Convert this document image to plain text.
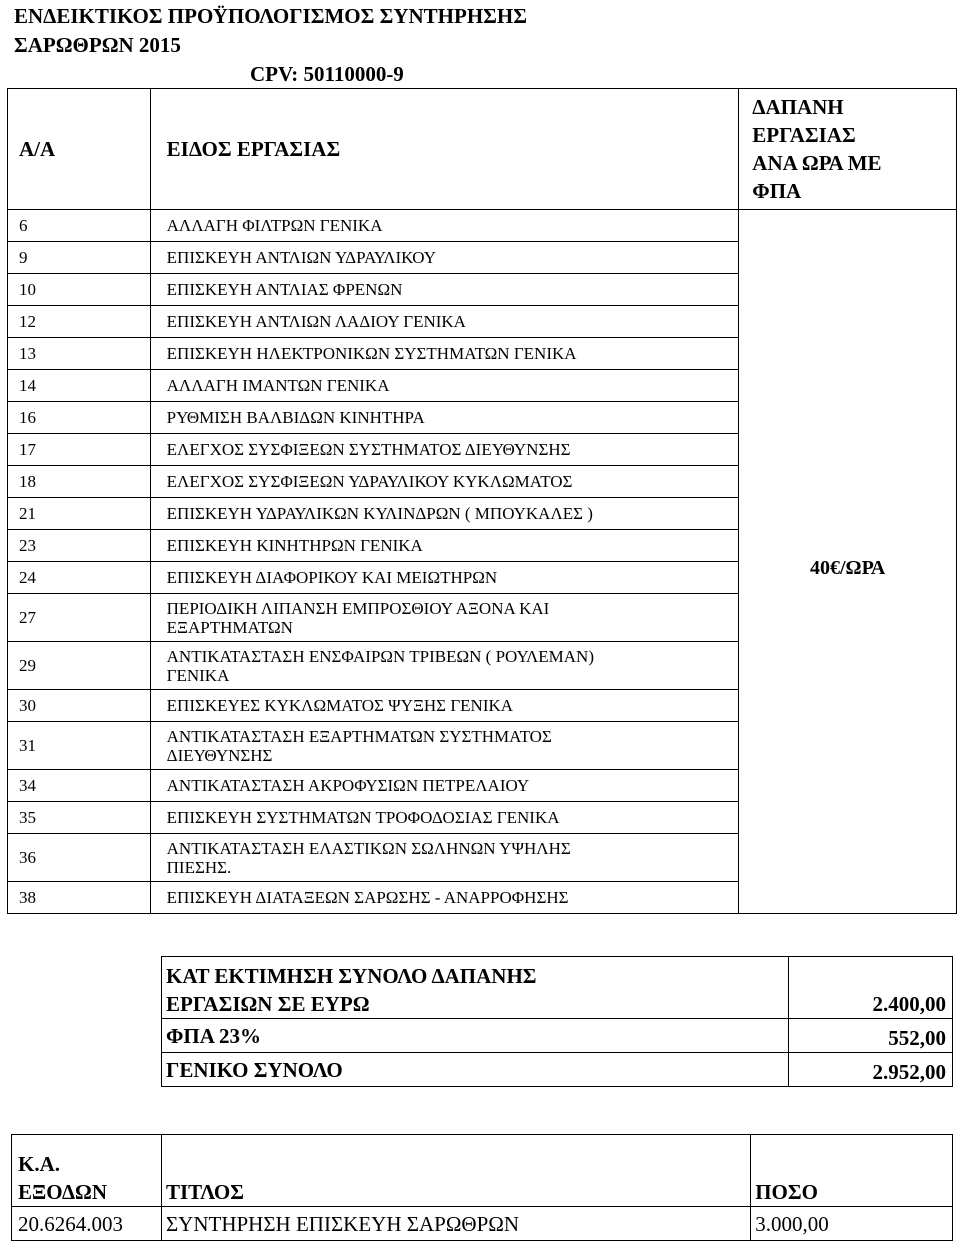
ΕΝΔΕΙΚΤΙΚΟΣ ΠΡΟΫΠΟΛΟΓΙΣΜΟΣ ΣΥΝΤΗΡΗΣΗΣ
ΣΑΡΩΘΡΩΝ 2015
CPV: 50110000-9
Α/Α	ΕΙΔΟΣ ΕΡΓΑΣΙΑΣ	ΔΑΠΑΝΗ
ΕΡΓΑΣΙΑΣ
ΑΝΑ ΩΡΑ ΜΕ
ΦΠΑ

6	ΑΛΛΑΓΗ ΦΙΛΤΡΩΝ ΓΕΝΙΚΑ	40€/ΩΡΑ
9	ΕΠΙΣΚΕΥΗ ΑΝΤΛΙΩΝ ΥΔΡΑΥΛΙΚΟΥ	
10	ΕΠΙΣΚΕΥΗ ΑΝΤΛΙΑΣ ΦΡΕΝΩΝ	
12	ΕΠΙΣΚΕΥΗ ΑΝΤΛΙΩΝ ΛΑΔΙΟΥ ΓΕΝΙΚΑ	
13	ΕΠΙΣΚΕΥΗ ΗΛΕΚΤΡΟΝΙΚΩΝ ΣΥΣΤΗΜΑΤΩΝ ΓΕΝΙΚΑ	
14	ΑΛΛΑΓΗ ΙΜΑΝΤΩΝ ΓΕΝΙΚΑ	
16	ΡΥΘΜΙΣΗ ΒΑΛΒΙΔΩΝ ΚΙΝΗΤΗΡΑ	
17	ΕΛΕΓΧΟΣ ΣΥΣΦΙΞΕΩΝ ΣΥΣΤΗΜΑΤΟΣ ΔΙΕΥΘΥΝΣΗΣ	
18	ΕΛΕΓΧΟΣ ΣΥΣΦΙΞΕΩΝ ΥΔΡΑΥΛΙΚΟΥ ΚΥΚΛΩΜΑΤΟΣ	
21	ΕΠΙΣΚΕΥΗ ΥΔΡΑΥΛΙΚΩΝ ΚΥΛΙΝΔΡΩΝ ( ΜΠΟΥΚΑΛΕΣ )	
23	ΕΠΙΣΚΕΥΗ ΚΙΝΗΤΗΡΩΝ ΓΕΝΙΚΑ	
24	ΕΠΙΣΚΕΥΗ ΔΙΑΦΟΡΙΚΟΥ ΚΑΙ ΜΕΙΩΤΗΡΩΝ	
27	ΠΕΡΙΟΔΙΚΗ ΛΙΠΑΝΣΗ ΕΜΠΡΟΣΘΙΟΥ ΑΞΟΝΑ ΚΑΙ
ΕΞΑΡΤΗΜΑΤΩΝ	

29	ΑΝΤΙΚΑΤΑΣΤΑΣΗ ΕΝΣΦΑΙΡΩΝ ΤΡΙΒΕΩΝ ( ΡΟΥΛΕΜΑΝ)
ΓΕΝΙΚΑ	

30	ΕΠΙΣΚΕΥΕΣ ΚΥΚΛΩΜΑΤΟΣ ΨΥΞΗΣ ΓΕΝΙΚΑ	
31	ΑΝΤΙΚΑΤΑΣΤΑΣΗ ΕΞΑΡΤΗΜΑΤΩΝ ΣΥΣΤΗΜΑΤΟΣ
ΔΙΕΥΘΥΝΣΗΣ	

34	ΑΝΤΙΚΑΤΑΣΤΑΣΗ ΑΚΡΟΦΥΣΙΩΝ ΠΕΤΡΕΛΑΙΟΥ	
35	ΕΠΙΣΚΕΥΗ ΣΥΣΤΗΜΑΤΩΝ ΤΡΟΦΟΔΟΣΙΑΣ ΓΕΝΙΚΑ	
36	ΑΝΤΙΚΑΤΑΣΤΑΣΗ ΕΛΑΣΤΙΚΩΝ ΣΩΛΗΝΩΝ ΥΨΗΛΗΣ
ΠΙΕΣΗΣ.	

38	ΕΠΙΣΚΕΥΗ ΔΙΑΤΑΞΕΩΝ ΣΑΡΩΣΗΣ - ΑΝΑΡΡΟΦΗΣΗΣ	
ΚΑΤ ΕΚΤΙΜΗΣΗ ΣΥΝΟΛΟ ΔΑΠΑΝΗΣ
ΕΡΓΑΣΙΩΝ ΣΕ ΕΥΡΩ	2.400,00
ΦΠΑ 23%	552,00
ΓΕΝΙΚΟ ΣΥΝΟΛΟ	2.952,00
Κ.Α.
ΕΞΟΔΩΝ	ΤΙΤΛΟΣ	ΠΟΣΟ
20.6264.003	ΣΥΝΤΗΡΗΣΗ ΕΠΙΣΚΕΥΗ ΣΑΡΩΘΡΩΝ	3.000,00
